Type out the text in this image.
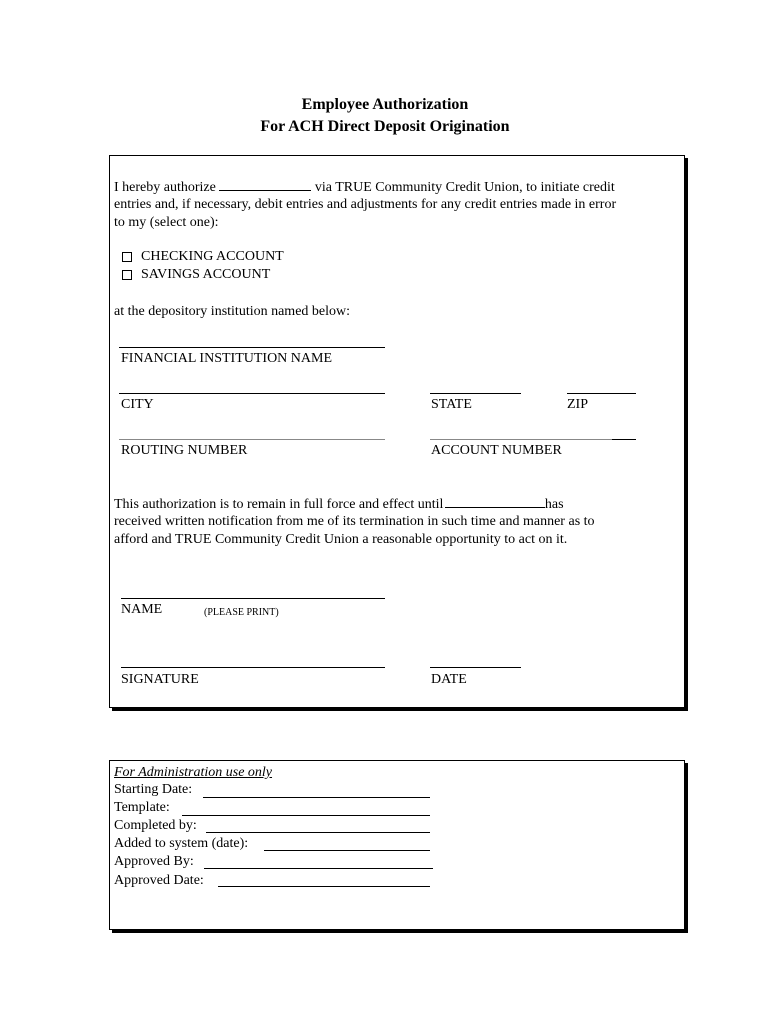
Employee Authorization
For ACH Direct Deposit Origination
I hereby authorize	via TRUE Community Credit Union, to initiate credit
entries and, if necessary, debit entries and adjustments for any credit entries made in error
to my (select one):
CHECKING ACCOUNT
SAVINGS ACCOUNT
at the depository institution named below:
FINANCIAL INSTITUTION NAME
CITY	STATE	ZIP
ROUTING NUMBER	ACCOUNT NUMBER
This authorization is to remain in full force and effect until	has
received written notification from me of its termination in such time and manner as to
afford and TRUE Community Credit Union a reasonable opportunity to act on it.
NAME	(PLEASE PRINT)
SIGNATURE	DATE
For Administration use only
Starting Date:
Template:
Completed by:
Added to system (date):
Approved By:
Approved Date:
